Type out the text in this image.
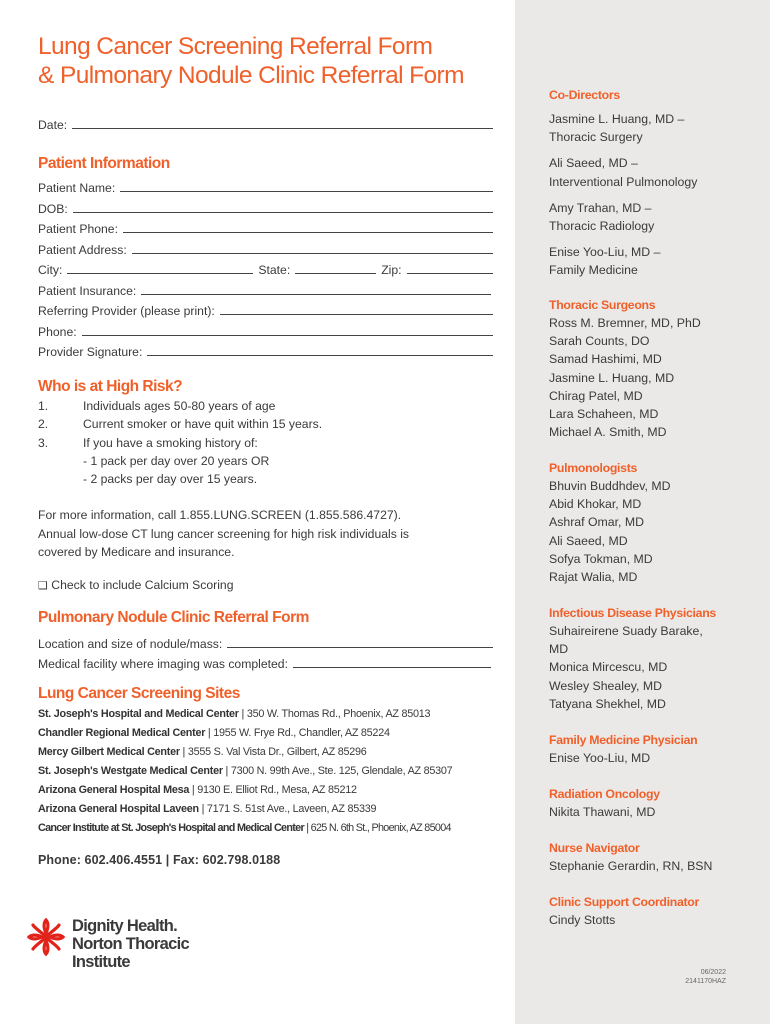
Lung Cancer Screening Referral Form
& Pulmonary Nodule Clinic Referral Form
Date:
Patient Information
Patient Name:
DOB:
Patient Phone:
Patient Address:
City:	State:	Zip:
Patient Insurance:
Referring Provider (please print):
Phone:
Provider Signature:
Who is at High Risk?
1.	Individuals ages 50-80 years of age
2.	Current smoker or have quit within 15 years.
3.	If you have a smoking history of:
- 1 pack per day over 20 years OR
- 2 packs per day over 15 years.
For more information, call 1.855.LUNG.SCREEN (1.855.586.4727).
Annual low-dose CT lung cancer screening for high risk individuals is
covered by Medicare and insurance.
❑ Check to include Calcium Scoring
Pulmonary Nodule Clinic Referral Form
Location and size of nodule/mass:
Medical facility where imaging was completed:
Lung Cancer Screening Sites
St. Joseph's Hospital and Medical Center | 350 W. Thomas Rd., Phoenix, AZ 85013
Chandler Regional Medical Center | 1955 W. Frye Rd., Chandler, AZ 85224
Mercy Gilbert Medical Center | 3555 S. Val Vista Dr., Gilbert, AZ 85296
St. Joseph's Westgate Medical Center | 7300 N. 99th Ave., Ste. 125, Glendale, AZ 85307
Arizona General Hospital Mesa | 9130 E. Elliot Rd., Mesa, AZ 85212
Arizona General Hospital Laveen | 7171 S. 51st Ave., Laveen, AZ 85339
Cancer Institute at St. Joseph's Hospital and Medical Center | 625 N. 6th St., Phoenix, AZ 85004
Phone: 602.406.4551 | Fax: 602.798.0188
Co-Directors
Jasmine L. Huang, MD –
Thoracic Surgery
Ali Saeed, MD –
Interventional Pulmonology
Amy Trahan, MD –
Thoracic Radiology
Enise Yoo-Liu, MD –
Family Medicine
Thoracic Surgeons
Ross M. Bremner, MD, PhD
Sarah Counts, DO
Samad Hashimi, MD
Jasmine L. Huang, MD
Chirag Patel, MD
Lara Schaheen, MD
Michael A. Smith, MD
Pulmonologists
Bhuvin Buddhdev, MD
Abid Khokar, MD
Ashraf Omar, MD
Ali Saeed, MD
Sofya Tokman, MD
Rajat Walia, MD
Infectious Disease Physicians
Suhaireirene Suady Barake,
MD
Monica Mircescu, MD
Wesley Shealey, MD
Tatyana Shekhel, MD
Family Medicine Physician
Enise Yoo-Liu, MD
Radiation Oncology
Nikita Thawani, MD
Nurse Navigator
Stephanie Gerardin, RN, BSN
Clinic Support Coordinator
Cindy Stotts
Dignity Health.
Norton Thoracic
Institute
06/2022
2141170HAZ
